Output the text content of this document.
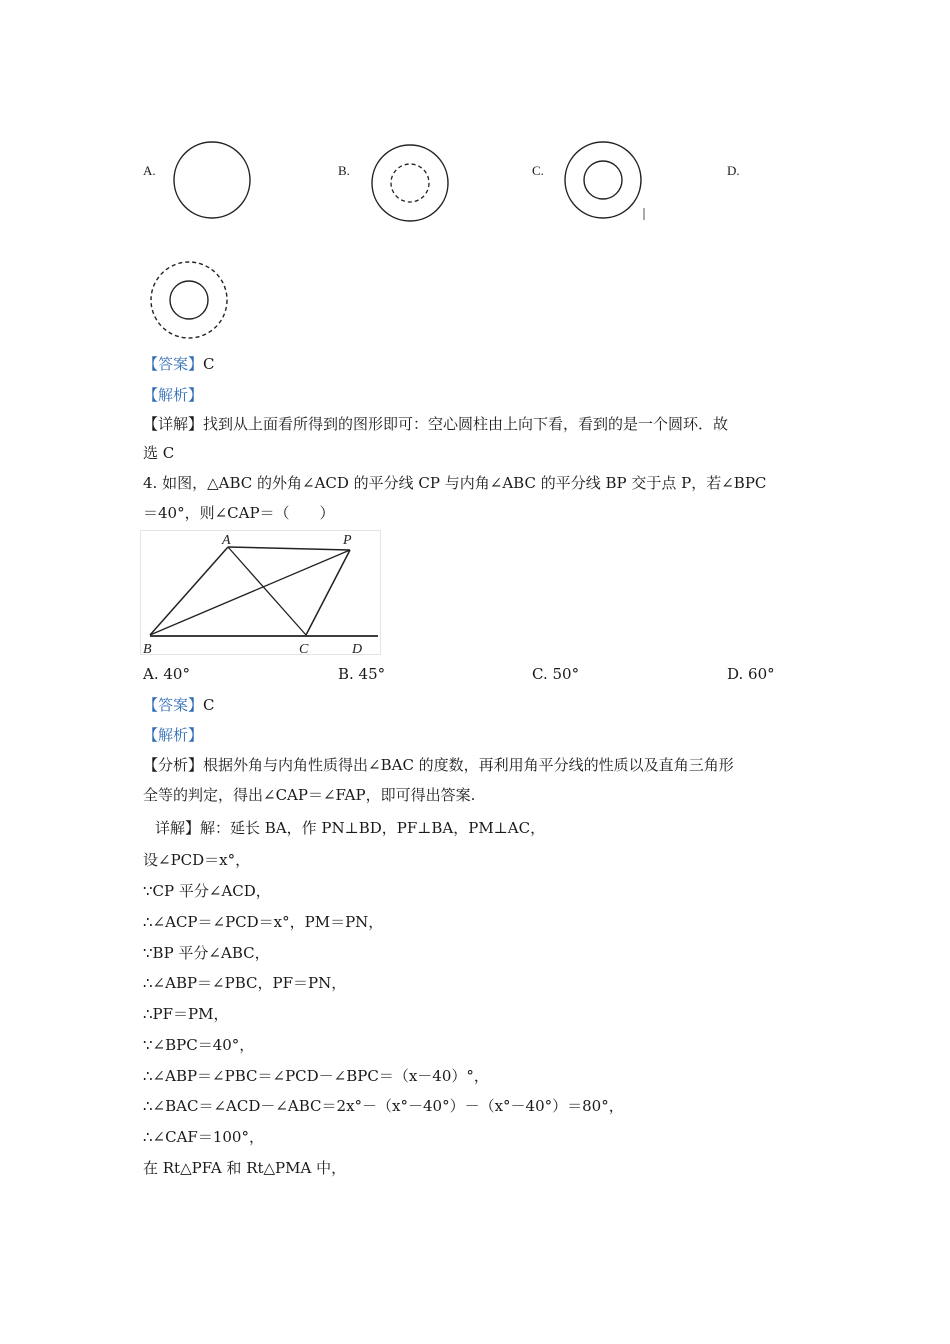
A.	B.	C.	D.
【答案】C
【解析】
【详解】找到从上面看所得到的图形即可：空心圆柱由上向下看，看到的是一个圆环．故
选 C
4. 如图，△ABC 的外角∠ACD 的平分线 CP 与内角∠ABC 的平分线 BP 交于点 P，若∠BPC
＝40°，则∠CAP＝（　　）
A	P
B	C	D
A. 40°	B. 45°	C. 50°	D. 60°
【答案】C
【解析】
【分析】根据外角与内角性质得出∠BAC 的度数，再利用角平分线的性质以及直角三角形
全等的判定，得出∠CAP＝∠FAP，即可得出答案.
详解】解：延长 BA，作 PN⊥BD，PF⊥BA，PM⊥AC，
设∠PCD＝x°，
∵CP 平分∠ACD，
∴∠ACP＝∠PCD＝x°，PM＝PN，
∵BP 平分∠ABC，
∴∠ABP＝∠PBC，PF＝PN，
∴PF＝PM，
∵∠BPC＝40°，
∴∠ABP＝∠PBC＝∠PCD－∠BPC＝（x－40）°，
∴∠BAC＝∠ACD－∠ABC＝2x°－（x°－40°）－（x°－40°）＝80°，
∴∠CAF＝100°，
在 Rt△PFA 和 Rt△PMA 中，
